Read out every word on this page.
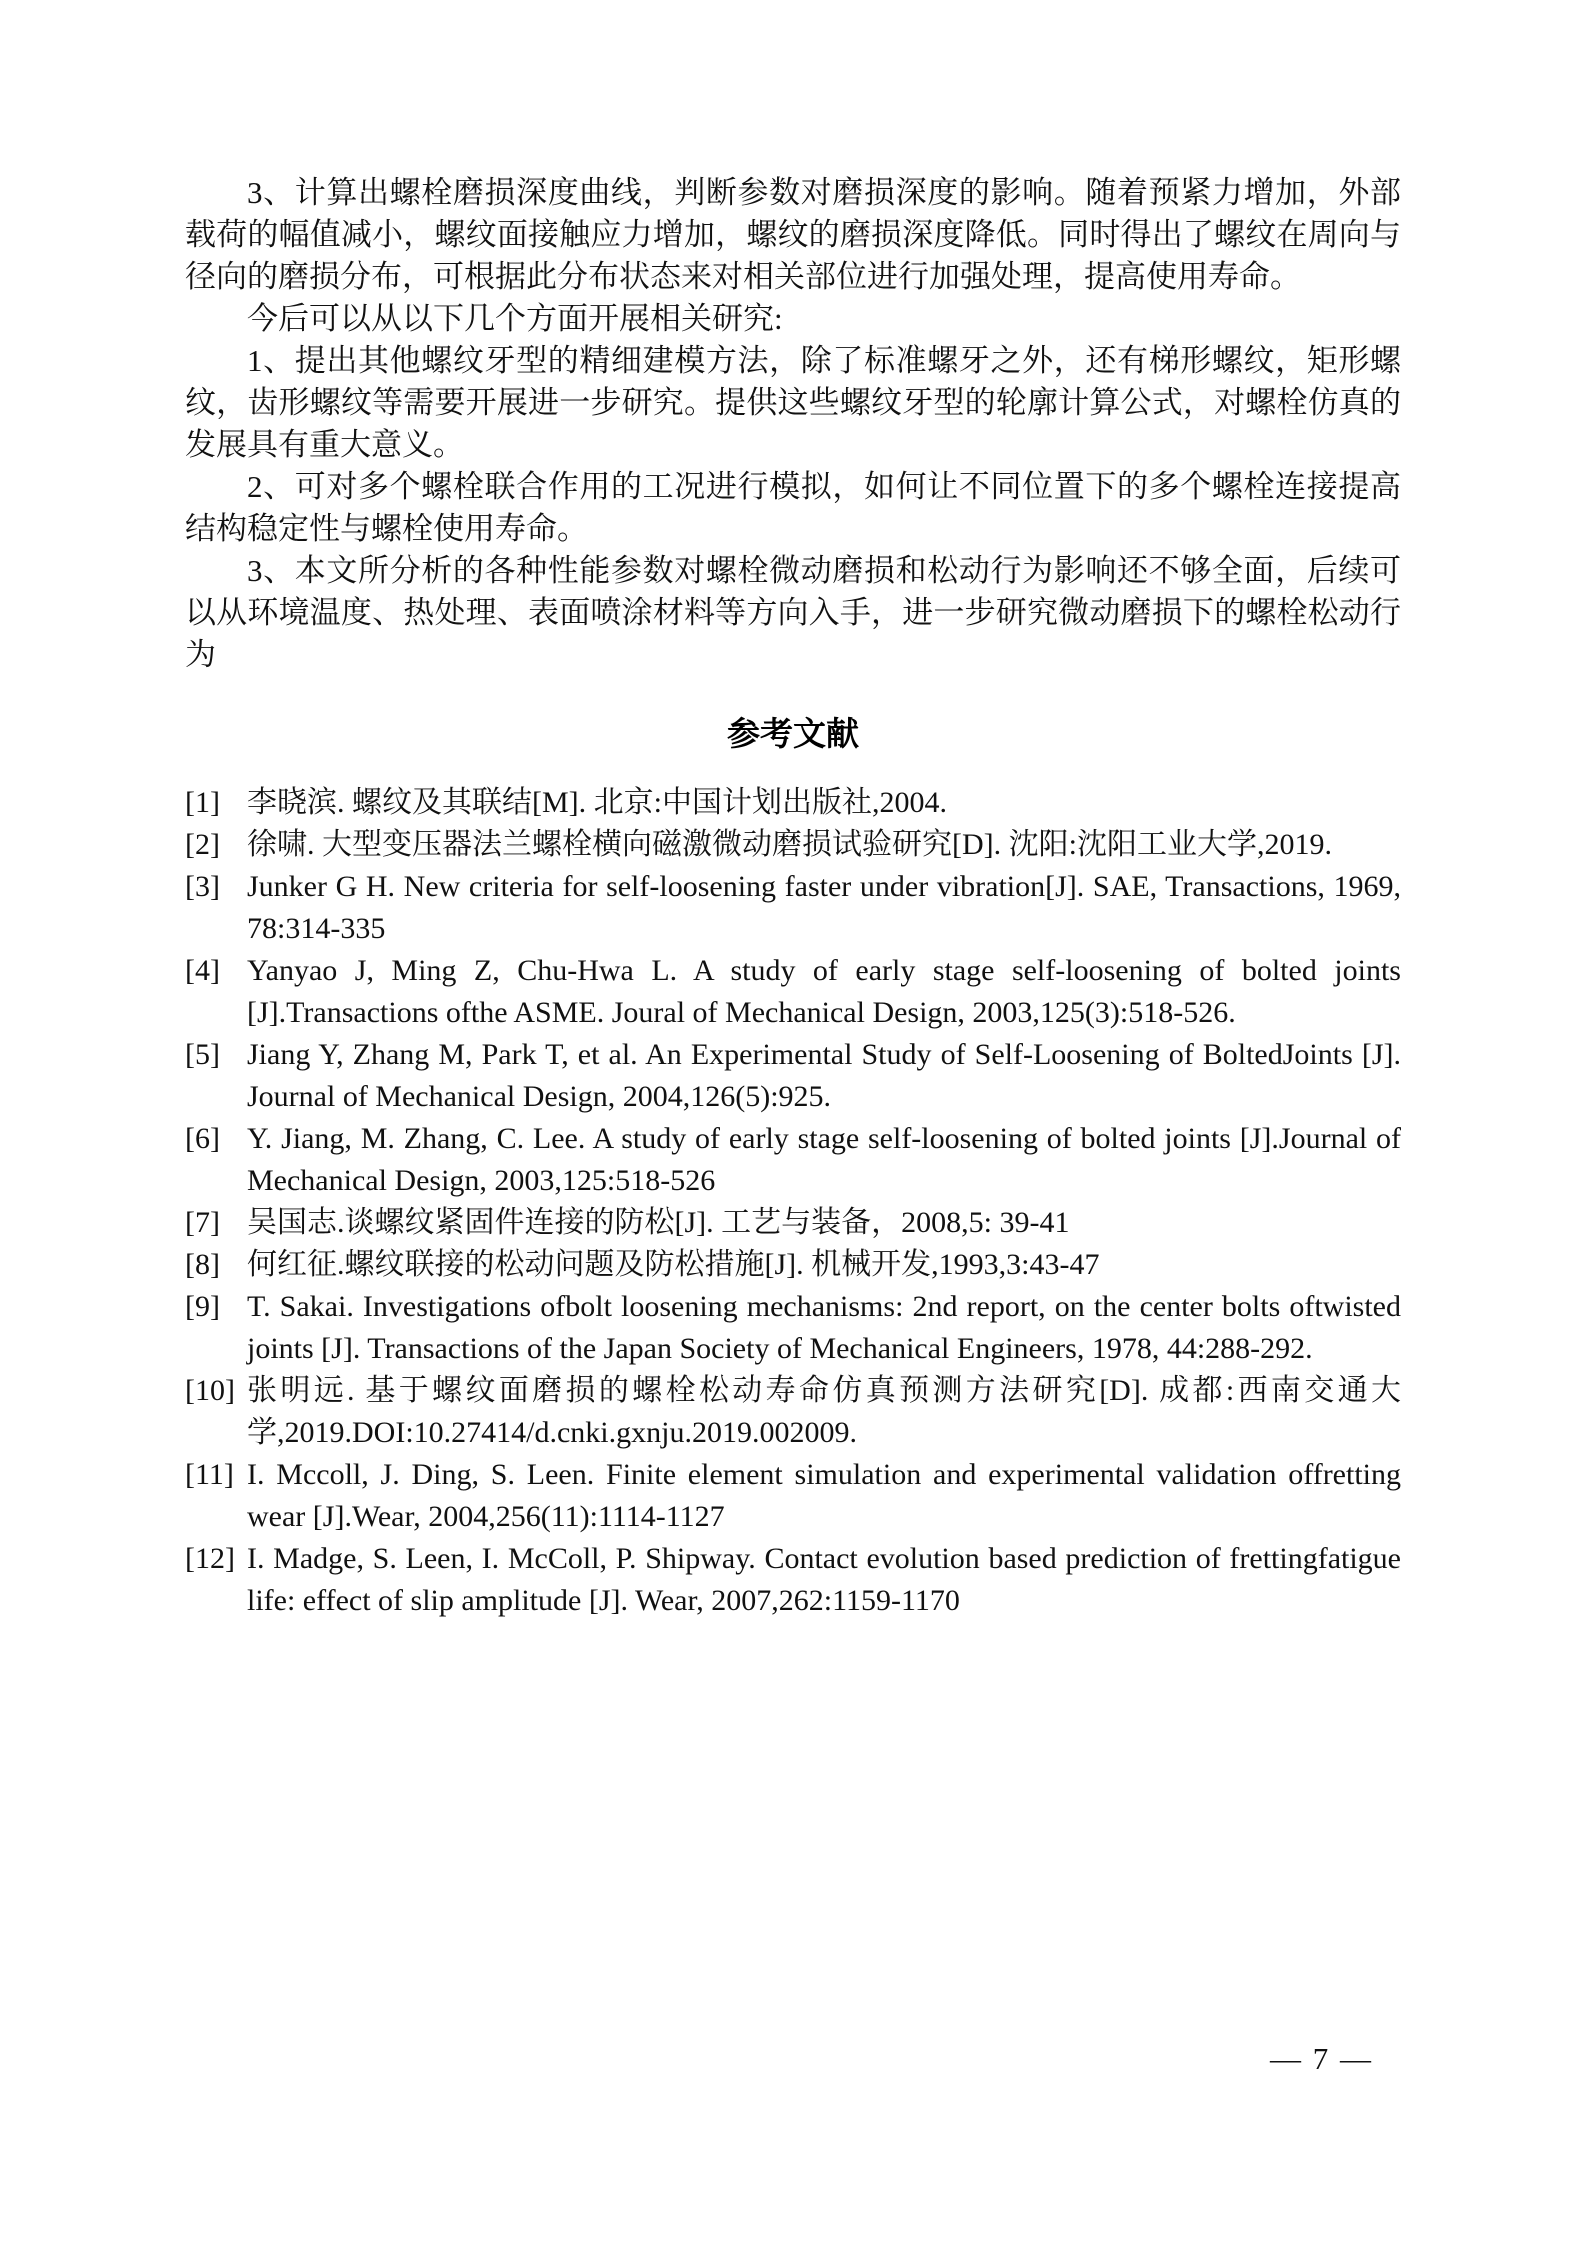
3、计算出螺栓磨损深度曲线，判断参数对磨损深度的影响。随着预紧力增加，外部载荷的幅值减小，螺纹面接触应力增加，螺纹的磨损深度降低。同时得出了螺纹在周向与径向的磨损分布，可根据此分布状态来对相关部位进行加强处理，提高使用寿命。

今后可以从以下几个方面开展相关研究:

1、提出其他螺纹牙型的精细建模方法，除了标准螺牙之外，还有梯形螺纹，矩形螺纹，齿形螺纹等需要开展进一步研究。提供这些螺纹牙型的轮廓计算公式，对螺栓仿真的发展具有重大意义。

2、可对多个螺栓联合作用的工况进行模拟，如何让不同位置下的多个螺栓连接提高结构稳定性与螺栓使用寿命。

3、本文所分析的各种性能参数对螺栓微动磨损和松动行为影响还不够全面，后续可以从环境温度、热处理、表面喷涂材料等方向入手，进一步研究微动磨损下的螺栓松动行为

参考文献
[1] 李晓滨. 螺纹及其联结[M]. 北京:中国计划出版社,2004.
[2] 徐啸. 大型变压器法兰螺栓横向磁激微动磨损试验研究[D]. 沈阳:沈阳工业大学,2019.
[3] Junker G H. New criteria for self-loosening faster under vibration[J]. SAE, Transactions, 1969, 78:314-335
[4] Yanyao J, Ming Z, Chu-Hwa L. A study of early stage self-loosening of bolted joints [J].Transactions ofthe ASME. Joural of Mechanical Design, 2003,125(3):518-526.
[5] Jiang Y, Zhang M, Park T, et al. An Experimental Study of Self-Loosening of BoltedJoints [J]. Journal of Mechanical Design, 2004,126(5):925.
[6] Y. Jiang, M. Zhang, C. Lee. A study of early stage self-loosening of bolted joints [J].Journal of Mechanical Design, 2003,125:518-526
[7] 吴国志.谈螺纹紧固件连接的防松[J]. 工艺与装备，2008,5: 39-41
[8] 何红征.螺纹联接的松动问题及防松措施[J]. 机械开发,1993,3:43-47
[9] T. Sakai. Investigations ofbolt loosening mechanisms: 2nd report, on the center bolts oftwisted joints [J]. Transactions of the Japan Society of Mechanical Engineers, 1978, 44:288-292.
[10] 张明远. 基于螺纹面磨损的螺栓松动寿命仿真预测方法研究[D]. 成都:西南交通大学,2019.DOI:10.27414/d.cnki.gxnju.2019.002009.
[11] I. Mccoll, J. Ding, S. Leen. Finite element simulation and experimental validation offretting wear [J].Wear, 2004,256(11):1114-1127
[12] I. Madge, S. Leen, I. McColl, P. Shipway. Contact evolution based prediction of frettingfatigue life: effect of slip amplitude [J]. Wear, 2007,262:1159-1170
— 7 —
